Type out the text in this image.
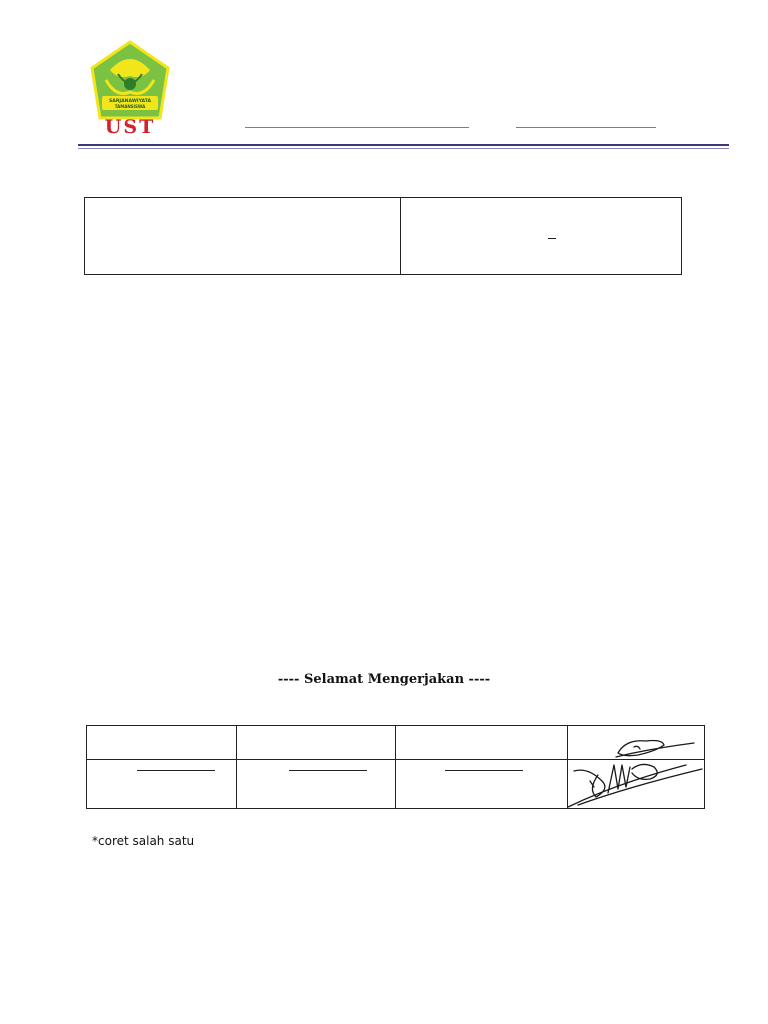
SARJANAWIYATA
TAMANSISWA
UST
---- Selamat Mengerjakan ----
*coret salah satu
